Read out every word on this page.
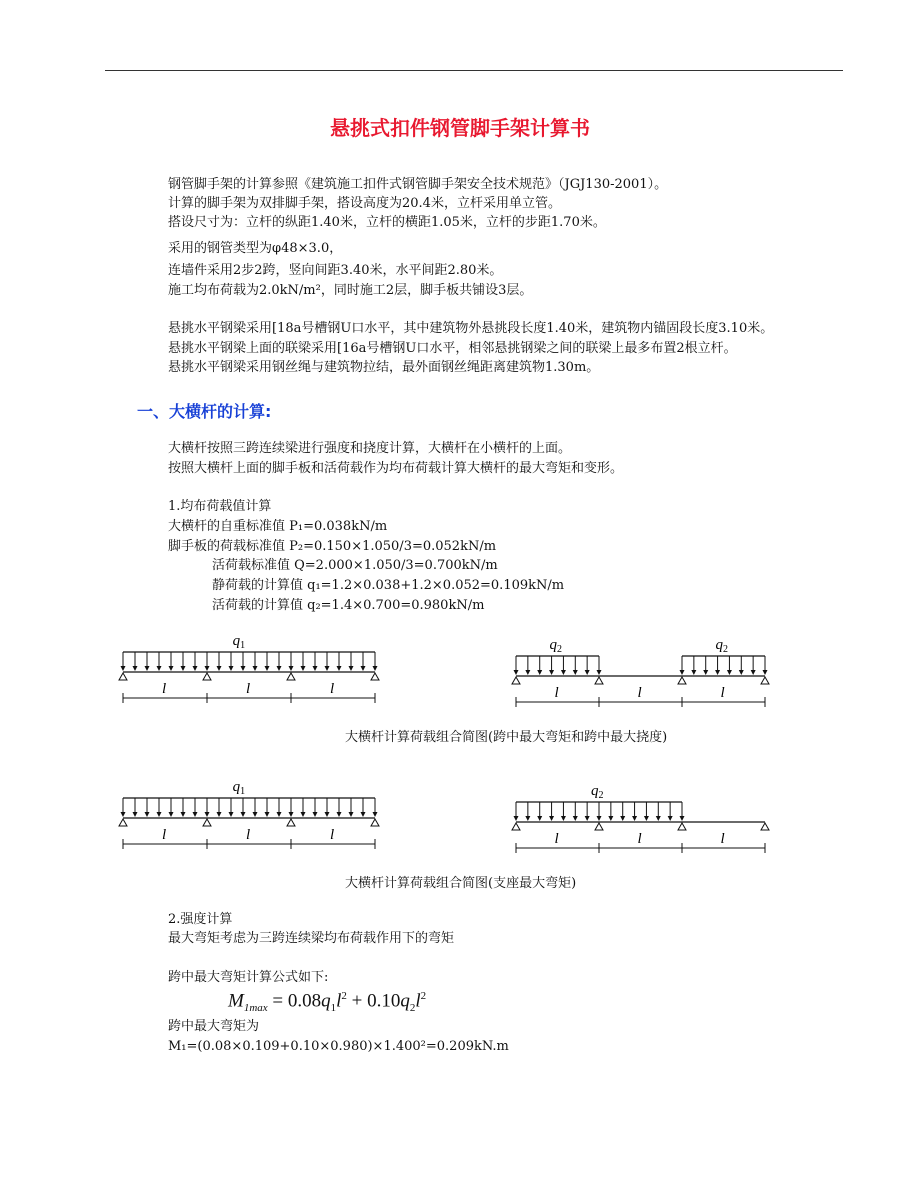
悬挑式扣件钢管脚手架计算书
钢管脚手架的计算参照《建筑施工扣件式钢管脚手架安全技术规范》（JGJ130-2001）。
计算的脚手架为双排脚手架，搭设高度为20.4米，立杆采用单立管。
搭设尺寸为：立杆的纵距1.40米，立杆的横距1.05米，立杆的步距1.70米。
采用的钢管类型为φ48×3.0，
连墙件采用2步2跨，竖向间距3.40米，水平间距2.80米。
施工均布荷载为2.0kN/m²，同时施工2层，脚手板共铺设3层。
悬挑水平钢梁采用[18a号槽钢U口水平，其中建筑物外悬挑段长度1.40米，建筑物内锚固段长度3.10米。
悬挑水平钢梁上面的联梁采用[16a号槽钢U口水平，相邻悬挑钢梁之间的联梁上最多布置2根立杆。
悬挑水平钢梁采用钢丝绳与建筑物拉结，最外面钢丝绳距离建筑物1.30m。
一、大横杆的计算:
大横杆按照三跨连续梁进行强度和挠度计算，大横杆在小横杆的上面。
按照大横杆上面的脚手板和活荷载作为均布荷载计算大横杆的最大弯矩和变形。
1.均布荷载值计算
大横杆的自重标准值 P₁=0.038kN/m
脚手板的荷载标准值 P₂=0.150×1.050/3=0.052kN/m
活荷载标准值 Q=2.000×1.050/3=0.700kN/m
静荷载的计算值 q₁=1.2×0.038+1.2×0.052=0.109kN/m
活荷载的计算值 q₂=1.4×0.700=0.980kN/m
l	l	l
$q_1$
l	l	l
$q_2$	$q_2$
l	l	l
$q_1$
l	l	l
$q_2$
大横杆计算荷载组合简图(跨中最大弯矩和跨中最大挠度)
大横杆计算荷载组合简图(支座最大弯矩)
2.强度计算
最大弯矩考虑为三跨连续梁均布荷载作用下的弯矩
跨中最大弯矩计算公式如下:
$M_{1max} = 0.08q_1l^2 + 0.10q_2l^2$
跨中最大弯矩为
M₁=(0.08×0.109+0.10×0.980)×1.400²=0.209kN.m
